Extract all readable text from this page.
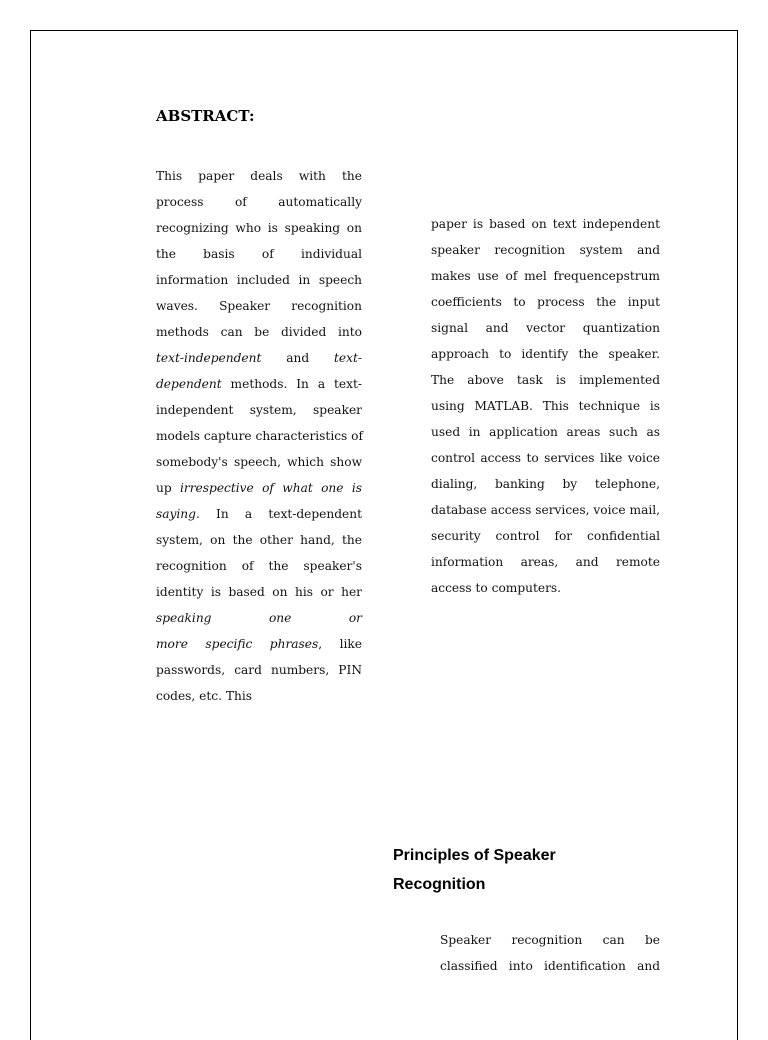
ABSTRACT:
This paper deals with the
process of automatically
recognizing who is speaking on
the basis of individual
information included in speech
waves. Speaker recognition
methods can be divided into
text-independent and text-
dependent methods. In a text-
independent system, speaker
models capture characteristics of
somebody's speech, which show
up irrespective of what one is
saying. In a text-dependent
system, on the other hand, the
recognition of the speaker's
identity is based on his or her
speaking one or
more specific phrases, like
passwords, card numbers, PIN
codes, etc. This
paper is based on text independent
speaker recognition system and
makes use of mel frequencepstrum
coefficients to process the input
signal and vector quantization
approach to identify the speaker.
The above task is implemented
using MATLAB. This technique is
used in application areas such as
control access to services like voice
dialing, banking by telephone,
database access services, voice mail,
security control for confidential
information areas, and remote
access to computers.
Principles of Speaker
Recognition
Speaker recognition can be
classified into identification and
